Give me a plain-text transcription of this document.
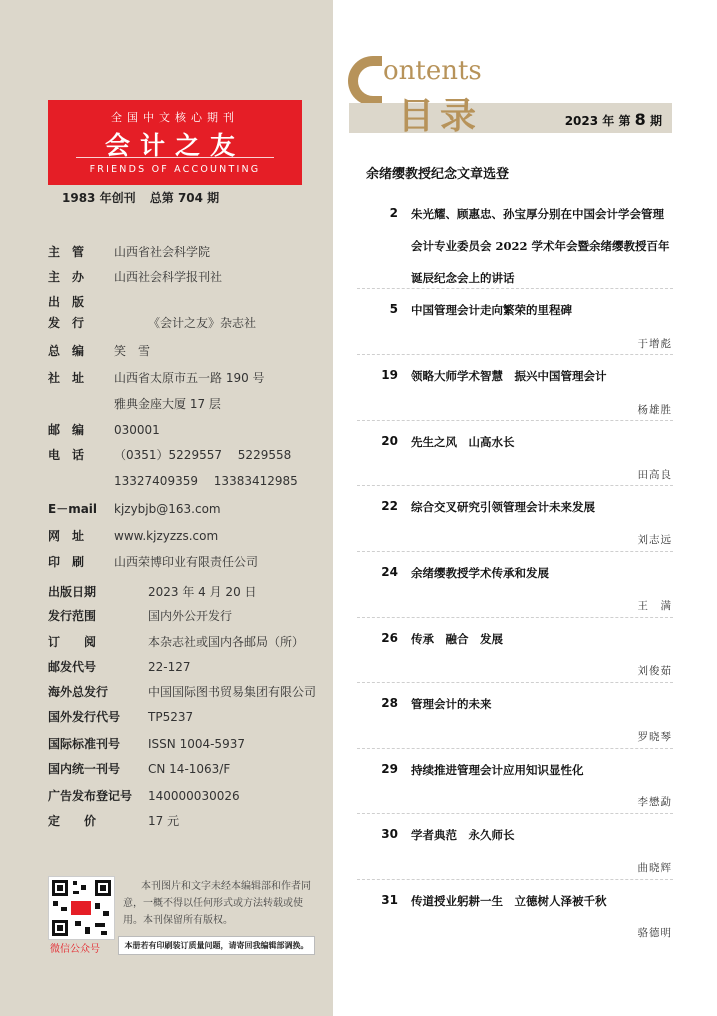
全国中文核心期刊
会计之友
FRIENDS OF ACCOUNTING
1983 年创刊 总第 704 期
主　管 山西省社会科学院
主　办 山西社会科学报刊社
出　版
发　行	《会计之友》杂志社
总　编 笑　雪
社　址 山西省太原市五一路 190 号
雅典金座大厦 17 层
邮　编 030001
电　话 （0351）5229557　 5229558
13327409359　 13383412985
E－mail kjzybjb@163.com
网　址 www.kjzyzzs.com
印　刷 山西荣博印业有限责任公司
出版日期	2023 年 4 月 20 日
发行范围	国内外公开发行
订　　阅	本杂志社或国内各邮局（所）
邮发代号	22-127
海外总发行	中国国际图书贸易集团有限公司
国外发行代号 TP5237
国际标准刊号 ISSN 1004-5937
国内统一刊号 CN 14-1063/F
广告发布登记号 140000030026
定　　价	17 元
微信公众号
本刊图片和文字未经本编辑部和作者同意，一概不得以任何形式或方法转载或使用。本刊保留所有版权。
本册若有印刷装订质量问题，请寄回我编辑部调换。
ontents
目录	2023 年 第 8 期
余绪缨教授纪念文章选登
2 朱光耀、顾惠忠、孙宝厚分别在中国会计学会管理会计专业委员会 2022 学术年会暨余绪缨教授百年诞辰纪念会上的讲话
5 中国管理会计走向繁荣的里程碑
于增彪
19 领略大师学术智慧　振兴中国管理会计
杨雄胜
20 先生之风　山高水长
田高良
22 综合交叉研究引领管理会计未来发展
刘志远
24 余绪缨教授学术传承和发展
王　满
26 传承　融合　发展
刘俊茹
28 管理会计的未来
罗晓琴
29 持续推进管理会计应用知识显性化
李懋勐
30 学者典范　永久师长
曲晓辉
31 传道授业躬耕一生　立德树人泽被千秋
骆德明
